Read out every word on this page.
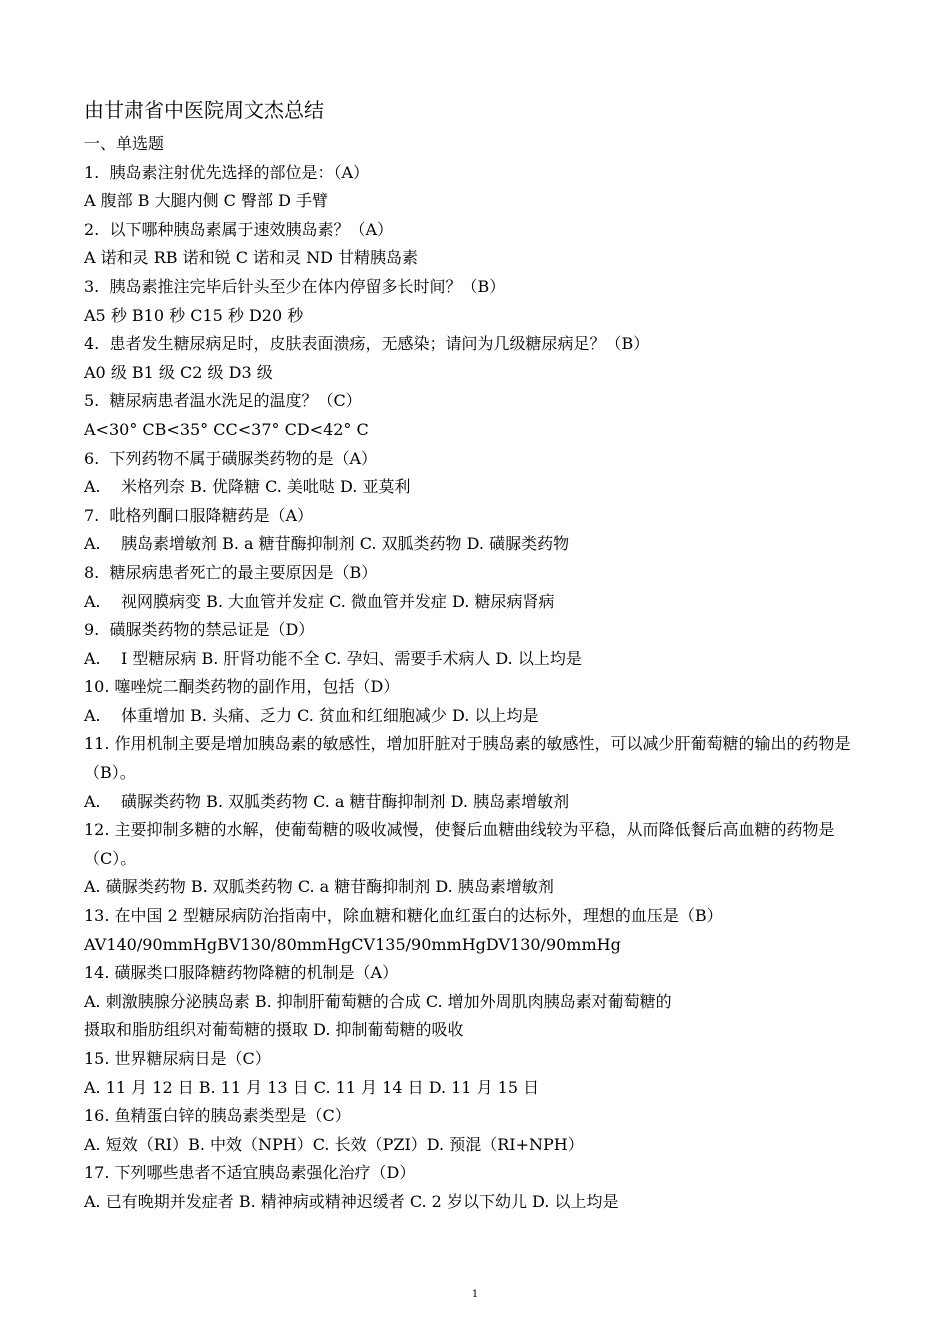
由甘肃省中医院周文杰总结
一、单选题
1.  胰岛素注射优先选择的部位是：（A）
A 腹部 B 大腿内侧 C 臀部 D 手臂
2.  以下哪种胰岛素属于速效胰岛素？（A）
A 诺和灵 RB 诺和锐 C 诺和灵 ND 甘精胰岛素
3.  胰岛素推注完毕后针头至少在体内停留多长时间？（B）
A5 秒 B10 秒 C15 秒 D20 秒
4.  患者发生糖尿病足时，皮肤表面溃疡，无感染；请问为几级糖尿病足？（B）
A0 级 B1 级 C2 级 D3 级
5.  糖尿病患者温水洗足的温度？（C）
A<30° CB<35° CC<37° CD<42° C
6.  下列药物不属于磺脲类药物的是（A）
A.    米格列奈 B. 优降糖 C. 美吡哒 D. 亚莫利
7.  吡格列酮口服降糖药是（A）
A.    胰岛素增敏剂 B. a 糖苷酶抑制剂 C. 双胍类药物 D. 磺脲类药物
8.  糖尿病患者死亡的最主要原因是（B）
A.    视网膜病变 B. 大血管并发症 C. 微血管并发症 D. 糖尿病肾病
9.  磺脲类药物的禁忌证是（D）
A.    I 型糖尿病 B. 肝肾功能不全 C. 孕妇、需要手术病人 D. 以上均是
10. 噻唑烷二酮类药物的副作用，包括（D）
A.    体重增加 B. 头痛、乏力 C. 贫血和红细胞减少 D. 以上均是
11. 作用机制主要是增加胰岛素的敏感性，增加肝脏对于胰岛素的敏感性，可以减少肝葡萄糖的输出的药物是（B）。
A.    磺脲类药物 B. 双胍类药物 C. a 糖苷酶抑制剂 D. 胰岛素增敏剂
12. 主要抑制多糖的水解，使葡萄糖的吸收减慢，使餐后血糖曲线较为平稳，从而降低餐后高血糖的药物是（C）。
A. 磺脲类药物 B. 双胍类药物 C. a 糖苷酶抑制剂 D. 胰岛素增敏剂
13. 在中国 2 型糖尿病防治指南中，除血糖和糖化血红蛋白的达标外，理想的血压是（B）
AV140/90mmHgBV130/80mmHgCV135/90mmHgDV130/90mmHg
14. 磺脲类口服降糖药物降糖的机制是（A）
A. 刺激胰腺分泌胰岛素 B. 抑制肝葡萄糖的合成 C. 增加外周肌肉胰岛素对葡萄糖的
摄取和脂肪组织对葡萄糖的摄取 D. 抑制葡萄糖的吸收
15. 世界糖尿病日是（C）
A. 11 月 12 日 B. 11 月 13 日 C. 11 月 14 日 D. 11 月 15 日
16. 鱼精蛋白锌的胰岛素类型是（C）
A. 短效（RI）B. 中效（NPH）C. 长效（PZI）D. 预混（RI+NPH）
17. 下列哪些患者不适宜胰岛素强化治疗（D）
A. 已有晚期并发症者 B. 精神病或精神迟缓者 C. 2 岁以下幼儿 D. 以上均是
1
